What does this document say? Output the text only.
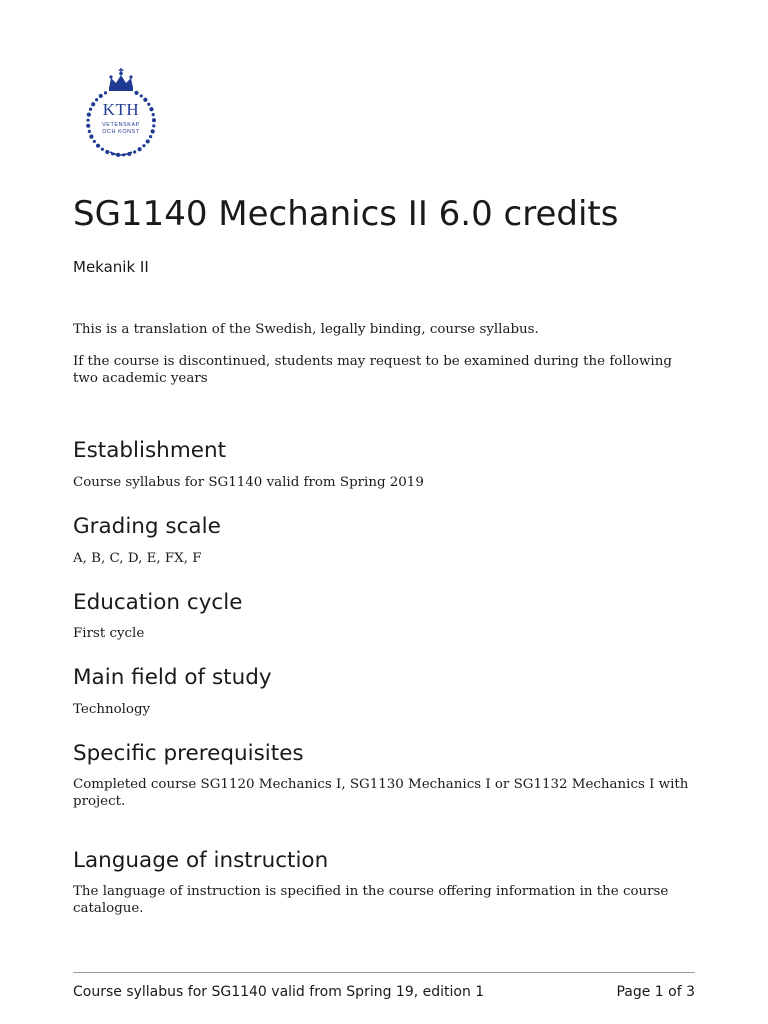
KTH
VETENSKAP
OCH KONST
SG1140 Mechanics II 6.0 credits
Mekanik II

This is a translation of the Swedish, legally binding, course syllabus.

If the course is discontinued, students may request to be examined during the following two academic years

Establishment

Course syllabus for SG1140 valid from Spring 2019

Grading scale

A, B, C, D, E, FX, F

Education cycle

First cycle

Main field of study

Technology

Specific prerequisites

Completed course SG1120 Mechanics I, SG1130 Mechanics I or SG1132 Mechanics I with project.

Language of instruction

The language of instruction is specified in the course offering information in the course catalogue.

Course syllabus for SG1140 valid from Spring 19, edition 1	Page 1 of 3
